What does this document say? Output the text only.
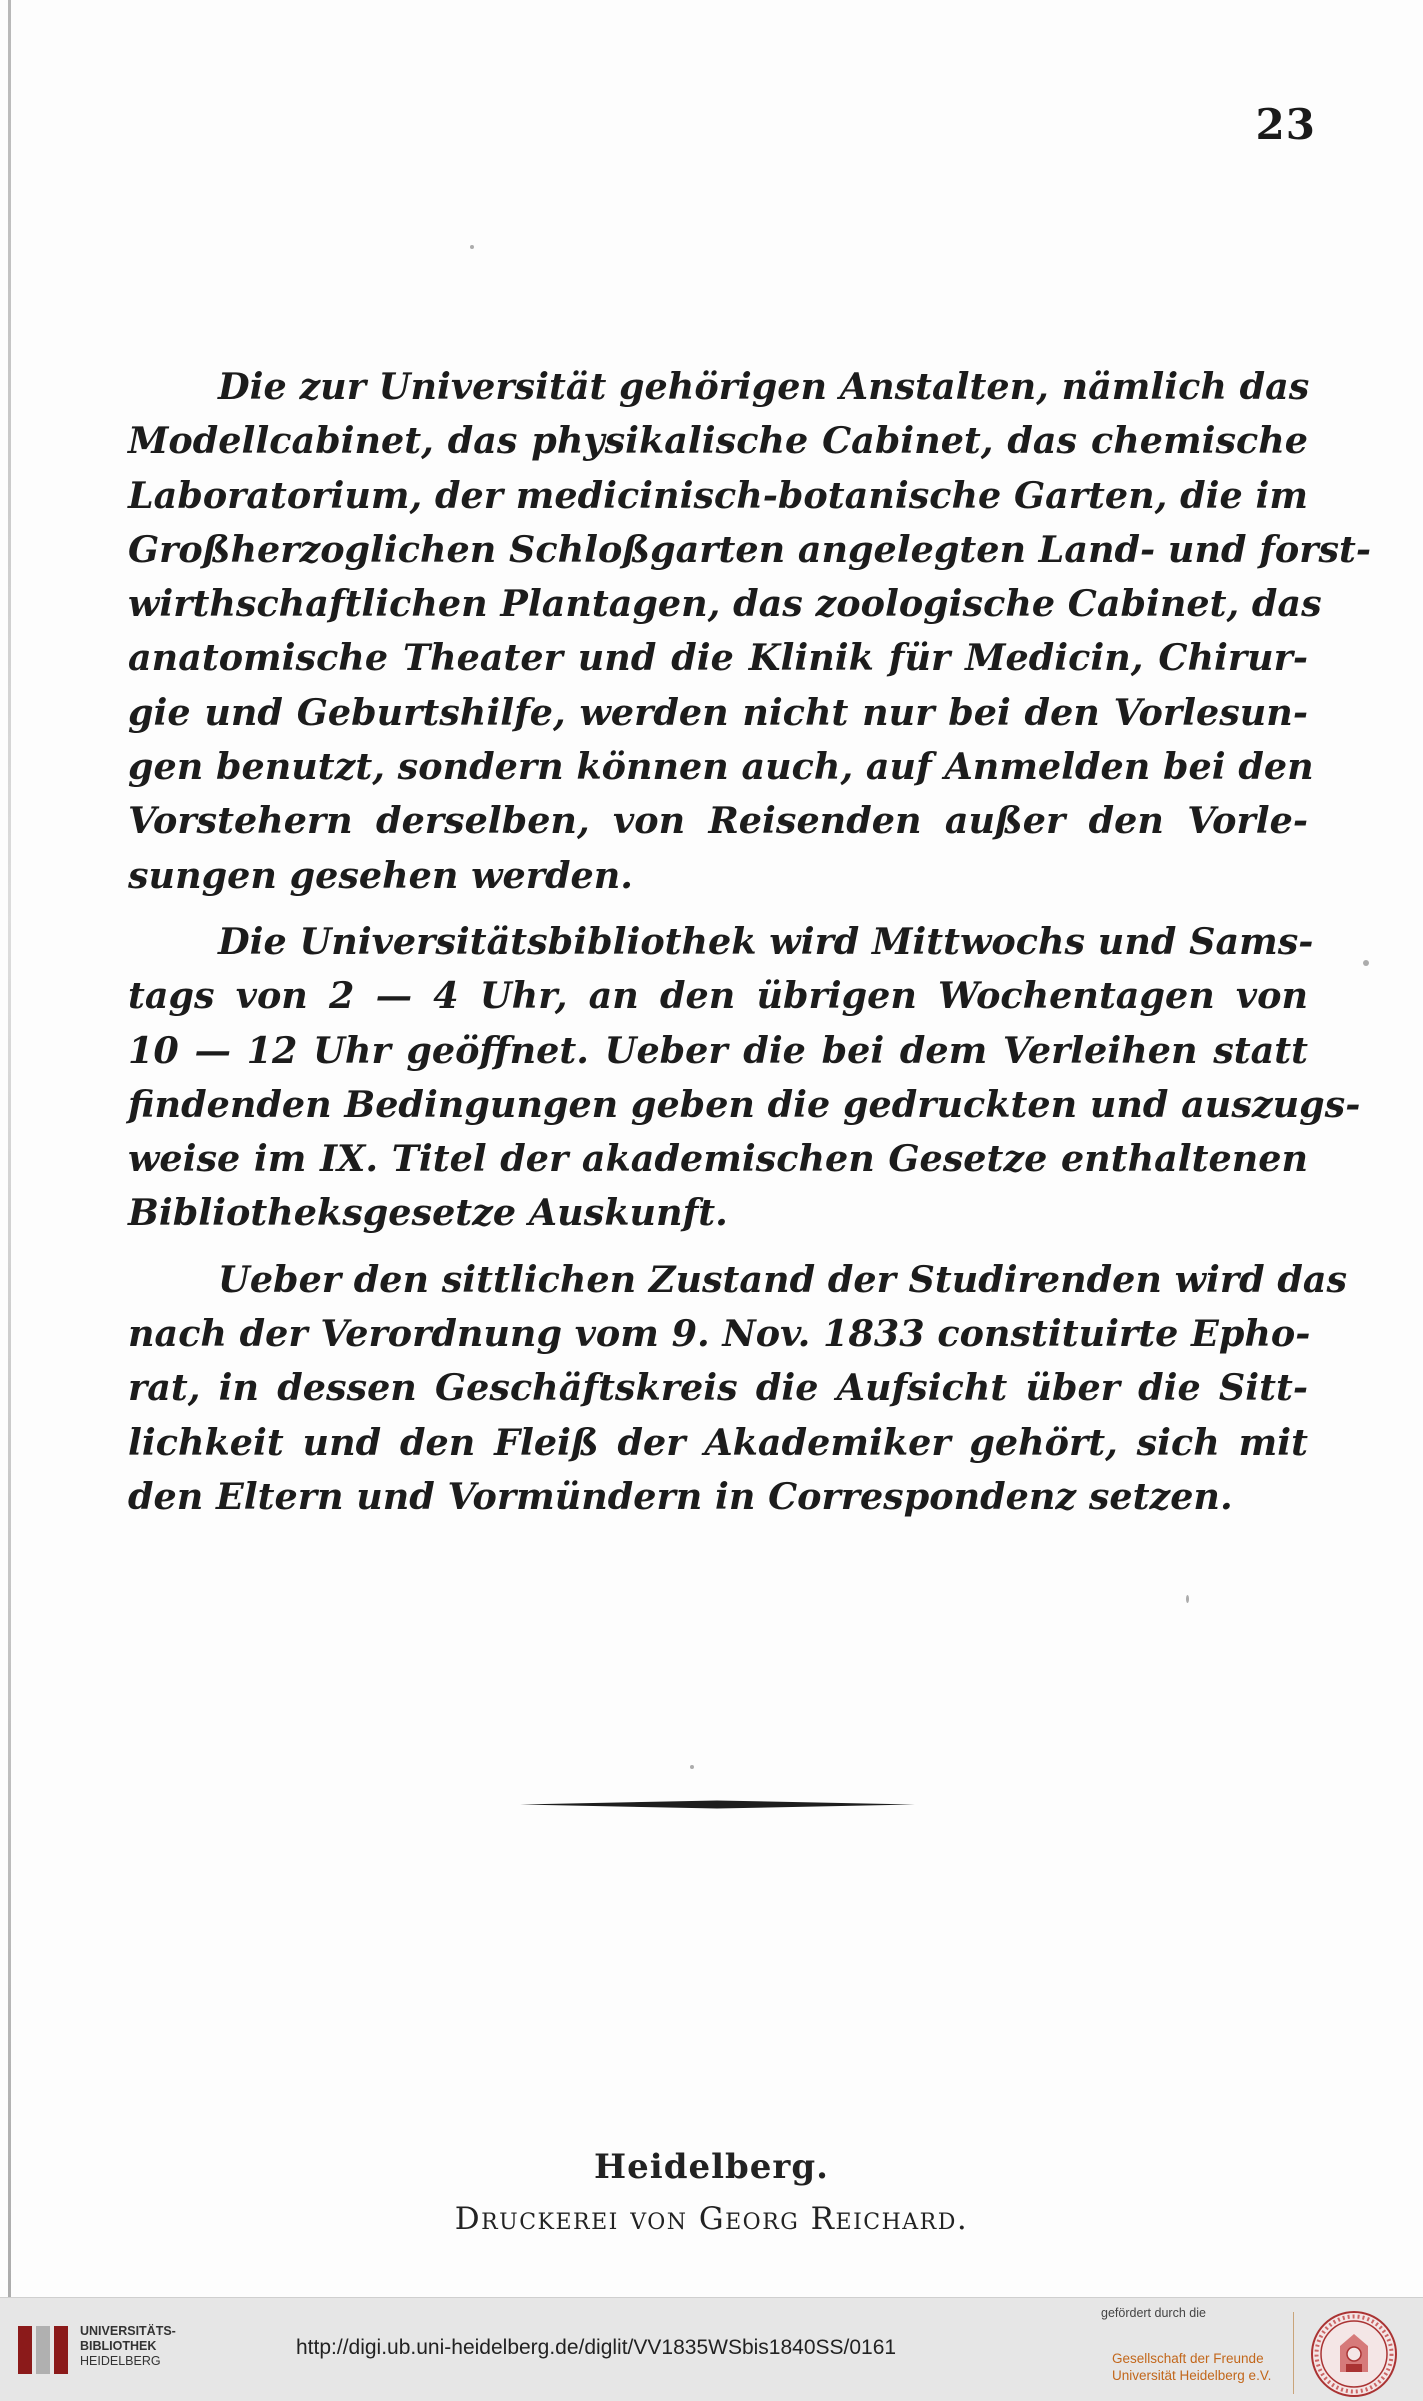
23

Die zur Universität gehörigen Anstalten, nämlich das
Modellcabinet, das physikalische Cabinet, das chemische
Laboratorium, der medicinisch-botanische Garten, die im
Großherzoglichen Schloßgarten angelegten Land- und forst-
wirthschaftlichen Plantagen, das zoologische Cabinet, das
anatomische Theater und die Klinik für Medicin, Chirur-
gie und Geburtshilfe, werden nicht nur bei den Vorlesun-
gen benutzt, sondern können auch, auf Anmelden bei den
Vorstehern derselben, von Reisenden außer den Vorle-
sungen gesehen werden.

Die Universitätsbibliothek wird Mittwochs und Sams-
tags von 2 — 4 Uhr, an den übrigen Wochentagen von
10 — 12 Uhr geöffnet. Ueber die bei dem Verleihen statt
findenden Bedingungen geben die gedruckten und auszugs-
weise im IX. Titel der akademischen Gesetze enthaltenen
Bibliotheksgesetze Auskunft.

Ueber den sittlichen Zustand der Studirenden wird das
nach der Verordnung vom 9. Nov. 1833 constituirte Epho-
rat, in dessen Geschäftskreis die Aufsicht über die Sitt-
lichkeit und den Fleiß der Akademiker gehört, sich mit
den Eltern und Vormündern in Correspondenz setzen.

Heidelberg.
Druckerei von Georg Reichard.
UNIVERSITÄTS-
BIBLIOTHEK
HEIDELBERG
http://digi.ub.uni-heidelberg.de/diglit/VV1835WSbis1840SS/0161
gefördert durch die
Gesellschaft der Freunde
Universität Heidelberg e.V.
